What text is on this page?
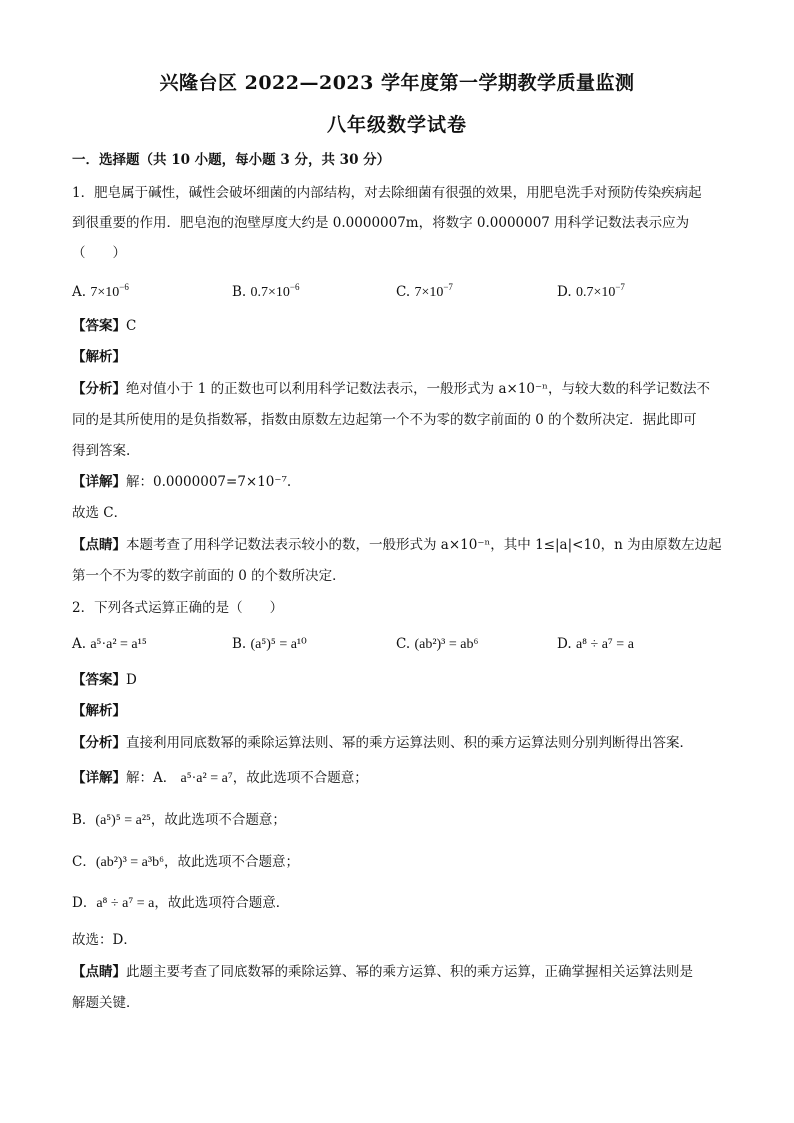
兴隆台区 2022—2023 学年度第一学期教学质量监测
八年级数学试卷
一．选择题（共 10 小题，每小题 3 分，共 30 分）
1．肥皂属于碱性，碱性会破坏细菌的内部结构，对去除细菌有很强的效果，用肥皂洗手对预防传染疾病起
到很重要的作用．肥皂泡的泡壁厚度大约是 0.0000007m，将数字 0.0000007 用科学记数法表示应为
（　　）
A. $7\times 10^{-6}$	B. $0.7\times 10^{-6}$	C. $7\times 10^{-7}$	D. $0.7\times 10^{-7}$
【答案】C
【解析】
【分析】绝对值小于 1 的正数也可以利用科学记数法表示，一般形式为 a×10⁻ⁿ，与较大数的科学记数法不
同的是其所使用的是负指数幂，指数由原数左边起第一个不为零的数字前面的 0 的个数所决定．据此即可
得到答案.
【详解】解：0.0000007=7×10⁻⁷.
故选 C．
【点睛】本题考查了用科学记数法表示较小的数，一般形式为 a×10⁻ⁿ，其中 1≤|a|<10，n 为由原数左边起
第一个不为零的数字前面的 0 的个数所决定．
2．下列各式运算正确的是（　　）
A. a⁵·a² = a¹⁵	B. (a⁵)⁵ = a¹⁰	C. (ab²)³ = ab⁶	D. a⁸ ÷ a⁷ = a
【答案】D
【解析】
【分析】直接利用同底数幂的乘除运算法则、幂的乘方运算法则、积的乘方运算法则分别判断得出答案．
【详解】解：A． a⁵·a² = a⁷，故此选项不合题意；
B．(a⁵)⁵ = a²⁵，故此选项不合题意；
C．(ab²)³ = a³b⁶，故此选项不合题意；
D．a⁸ ÷ a⁷ = a，故此选项符合题意．
故选：D．
【点睛】此题主要考查了同底数幂的乘除运算、幂的乘方运算、积的乘方运算，正确掌握相关运算法则是
解题关键．
